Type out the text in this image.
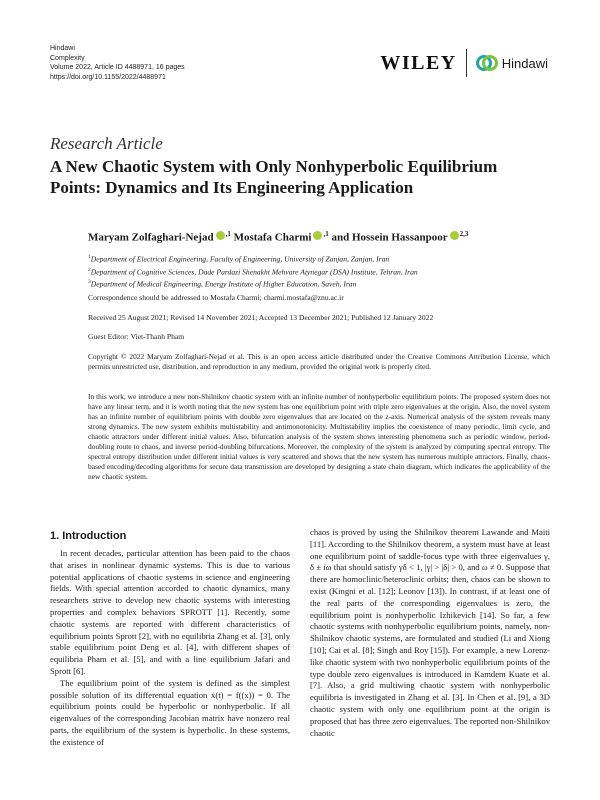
Hindawi
Complexity
Volume 2022, Article ID 4488971, 16 pages
https://doi.org/10.1155/2022/4488971
WILEY	Hindawi
Research Article
A New Chaotic System with Only Nonhyperbolic Equilibrium Points: Dynamics and Its Engineering Application
Maryam Zolfaghari-Nejad $^{,1}$ Mostafa Charmi $^{,1}$ and Hossein Hassanpoor $^{2,3}$
$^1$Department of Electrical Engineering, Faculty of Engineering, University of Zanjan, Zanjan, Iran
$^2$Department of Cognitive Sciences, Dade Pardazi Shenakht Mehvare Atynegar (DSA) Institute, Tehran, Iran
$^3$Department of Medical Engineering, Energy Institute of Higher Education, Saveh, Iran
Correspondence should be addressed to Mostafa Charmi; charmi.mostafa@znu.ac.ir
Received 25 August 2021; Revised 14 November 2021; Accepted 13 December 2021; Published 12 January 2022
Guest Editor: Viet-Thanh Pham
Copyright © 2022 Maryam Zolfaghari-Nejad et al. This is an open access article distributed under the Creative Commons Attribution License, which permits unrestricted use, distribution, and reproduction in any medium, provided the original work is properly cited.
In this work, we introduce a new non-Shilnikov chaotic system with an infinite number of nonhyperbolic equilibrium points. The proposed system does not have any linear term, and it is worth noting that the new system has one equilibrium point with triple zero eigenvalues at the origin. Also, the novel system has an infinite number of equilibrium points with double zero eigenvalues that are located on the z-axis. Numerical analysis of the system reveals many strong dynamics. The new system exhibits multistability and antimonotonicity. Multistability implies the coexistence of many periodic, limit cycle, and chaotic attractors under different initial values. Also, bifurcation analysis of the system shows interesting phenomena such as periodic window, period-doubling route to chaos, and inverse period-doubling bifurcations. Moreover, the complexity of the system is analyzed by computing spectral entropy. The spectral entropy distribution under different initial values is very scattered and shows that the new system has numerous multiple attractors. Finally, chaos-based encoding/decoding algorithms for secure data transmission are developed by designing a state chain diagram, which indicates the applicability of the new chaotic system.
1. Introduction

In recent decades, particular attention has been paid to the chaos that arises in nonlinear dynamic systems. This is due to various potential applications of chaotic systems in science and engineering fields. With special attention accorded to chaotic dynamics, many researchers strive to develop new chaotic systems with interesting properties and complex behaviors SPROTT [1]. Recently, some chaotic systems are reported with different characteristics of equilibrium points Sprott [2], with no equilibria Zhang et al. [3], only stable equilibrium point Deng et al. [4], with different shapes of equilibria Pham et al. [5], and with a line equilibrium Jafari and Sprott [6].

The equilibrium point of the system is defined as the simplest possible solution of its differential equation ẋ(t) = f((x)) = 0. The equilibrium points could be hyperbolic or nonhyperbolic. If all eigenvalues of the corresponding Jacobian matrix have nonzero real parts, the equilibrium of the system is hyperbolic. In these systems, the existence of

chaos is proved by using the Shilnikov theorem Lawande and Maiti [11]. According to the Shilnikov theorem, a system must have at least one equilibrium point of saddle-focus type with three eigenvalues γ, δ ± iω that should satisfy γδ < 1, |γ| > |δ| > 0, and ω ≠ 0. Suppose that there are homoclinic/heteroclinic orbits; then, chaos can be shown to exist (Kingni et al. [12]; Leonov [13]). In contrast, if at least one of the real parts of the corresponding eigenvalues is zero, the equilibrium point is nonhyperbolic Izhikevich [14]. So far, a few chaotic systems with nonhyperbolic equilibrium points, namely, non-Shilnikov chaotic systems, are formulated and studied (Li and Xiong [10]; Cai et al. [8]; Singh and Roy [15]). For example, a new Lorenz-like chaotic system with two nonhyperbolic equilibrium points of the type double zero eigenvalues is introduced in Kamdem Kuate et al. [7]. Also, a grid multiwing chaotic system with nonhyperbolic equilibria is investigated in Zhang et al. [3]. In Chen et al. [9], a 3D chaotic system with only one equilibrium point at the origin is proposed that has three zero eigenvalues. The reported non-Shilnikov chaotic
